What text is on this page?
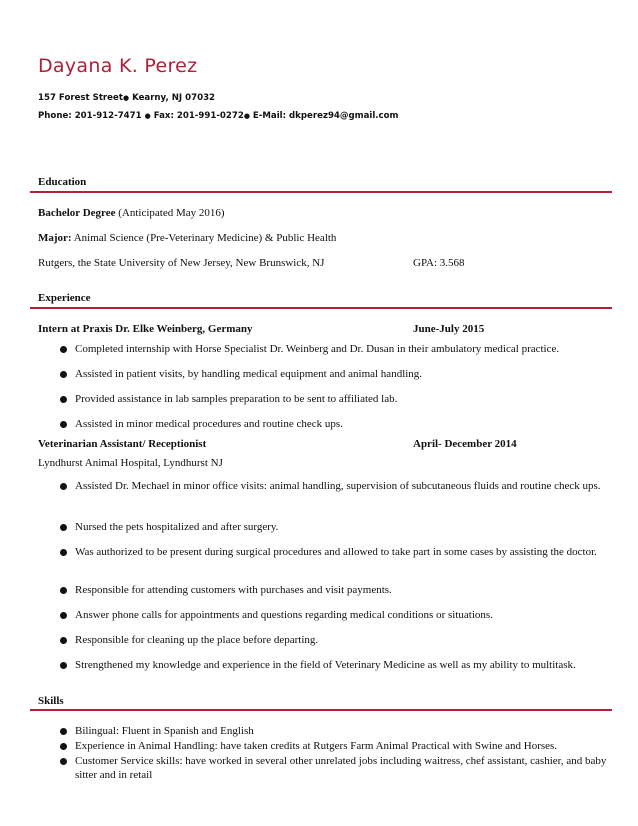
Dayana K. Perez
157 Forest Street● Kearny, NJ 07032
Phone: 201-912-7471 ● Fax: 201-991-0272● E-Mail: dkperez94@gmail.com
Education
Bachelor Degree (Anticipated May 2016)
Major: Animal Science (Pre-Veterinary Medicine) & Public Health
Rutgers, the State University of New Jersey, New Brunswick, NJ	GPA: 3.568
Experience
Intern at Praxis Dr. Elke Weinberg, Germany	June-July 2015
Completed internship with Horse Specialist Dr. Weinberg and Dr. Dusan in their ambulatory medical practice.
Assisted in patient visits, by handling medical equipment and animal handling.
Provided assistance in lab samples preparation to be sent to affiliated lab.
Assisted in minor medical procedures and routine check ups.
Veterinarian Assistant/ Receptionist	April- December 2014
Lyndhurst Animal Hospital, Lyndhurst NJ
Assisted Dr. Mechael in minor office visits: animal handling, supervision of subcutaneous fluids and routine check ups.
Nursed the pets hospitalized and after surgery.
Was authorized to be present during surgical procedures and allowed to take part in some cases by assisting the doctor.
Responsible for attending customers with purchases and visit payments.
Answer phone calls for appointments and questions regarding medical conditions or situations.
Responsible for cleaning up the place before departing.
Strengthened my knowledge and experience in the field of Veterinary Medicine as well as my ability to multitask.
Skills
Bilingual: Fluent in Spanish and English
Experience in Animal Handling: have taken credits at Rutgers Farm Animal Practical with Swine and Horses.
Customer Service skills: have worked in several other unrelated jobs including waitress, chef assistant, cashier, and baby sitter and in retail
